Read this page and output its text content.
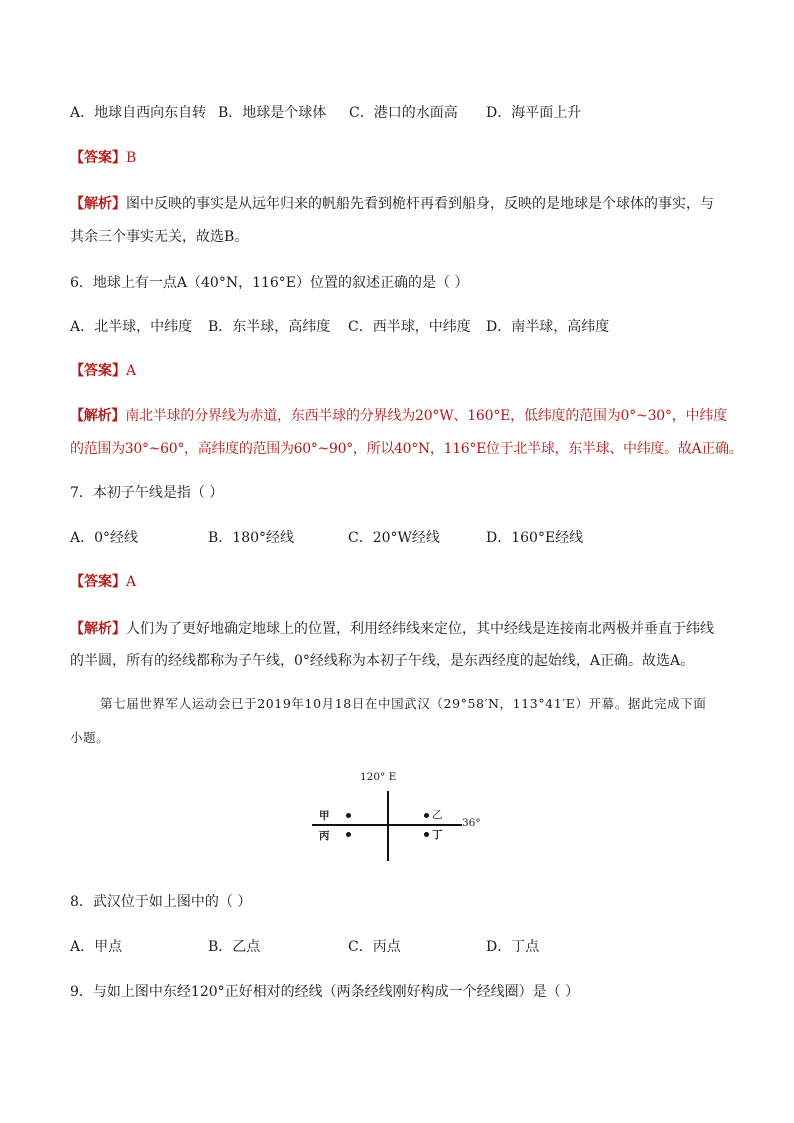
A．地球自西向东自转 B．地球是个球体 C．港口的水面高 D．海平面上升
【答案】B
【解析】图中反映的事实是从远年归来的帆船先看到桅杆再看到船身，反映的是地球是个球体的事实，与
其余三个事实无关，故选B。
6．地球上有一点A（40°N，116°E）位置的叙述正确的是（ ）
A．北半球，中纬度 B．东半球，高纬度 C．西半球，中纬度 D．南半球，高纬度
【答案】A
【解析】南北半球的分界线为赤道，东西半球的分界线为20°W、160°E，低纬度的范围为0°~30°，中纬度
的范围为30°~60°，高纬度的范围为60°~90°，所以40°N，116°E位于北半球，东半球、中纬度。故A正确。
7．本初子午线是指（ ）
A．0°经线	B．180°经线	C．20°W经线	D．160°E经线
【答案】A
【解析】人们为了更好地确定地球上的位置，利用经纬线来定位，其中经线是连接南北两极并垂直于纬线
的半圆，所有的经线都称为子午线，0°经线称为本初子午线，是东西经度的起始线，A正确。故选A。
第七届世界军人运动会已于2019年10月18日在中国武汉（29°58′N，113°41′E）开幕。据此完成下面
小题。
120° E
36°
甲	乙
丙	丁
8．武汉位于如上图中的（ ）
A．甲点	B．乙点	C．丙点	D．丁点
9．与如上图中东经120°正好相对的经线（两条经线刚好构成一个经线圈）是（ ）
